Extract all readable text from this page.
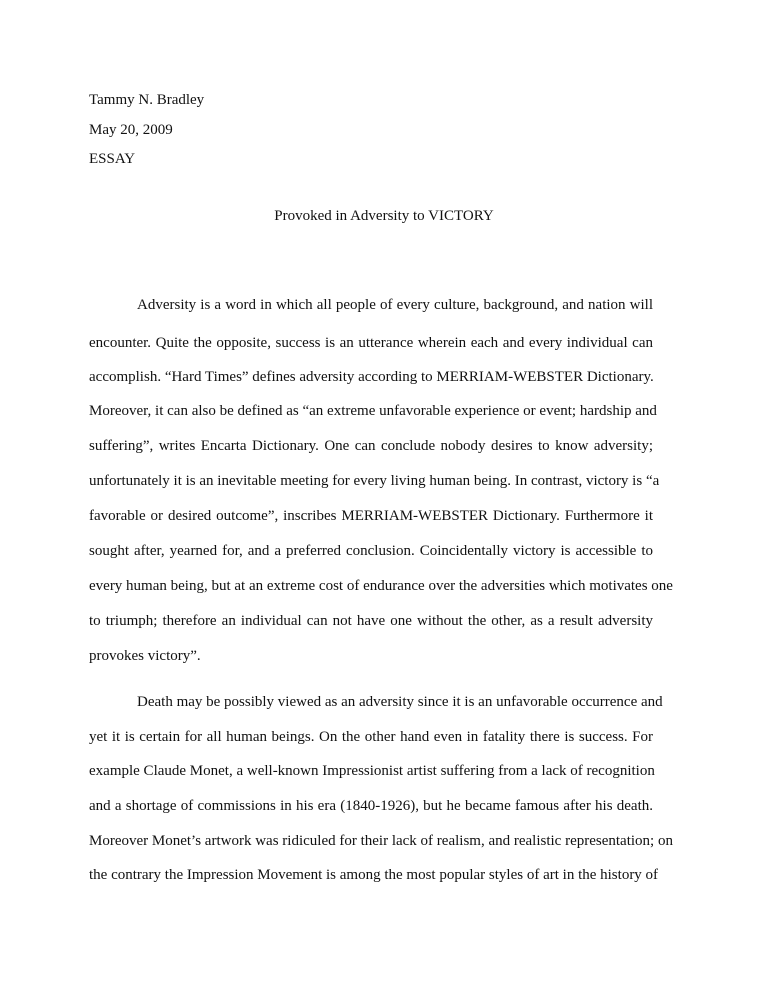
Tammy N. Bradley
May 20, 2009
ESSAY
Provoked in Adversity to VICTORY
Adversity is a word in which all people of every culture, background, and nation will
encounter. Quite the opposite, success is an utterance wherein each and every individual can
accomplish. “Hard Times” defines adversity according to MERRIAM-WEBSTER Dictionary.
Moreover, it can also be defined as “an extreme unfavorable experience or event; hardship and
suffering”, writes Encarta Dictionary. One can conclude nobody desires to know adversity;
unfortunately it is an inevitable meeting for every living human being. In contrast, victory is “a
favorable or desired outcome”, inscribes MERRIAM-WEBSTER Dictionary. Furthermore it
sought after, yearned for, and a preferred conclusion. Coincidentally victory is accessible to
every human being, but at an extreme cost of endurance over the adversities which motivates one
to triumph; therefore an individual can not have one without the other, as a result adversity
provokes victory”.
Death may be possibly viewed as an adversity since it is an unfavorable occurrence and
yet it is certain for all human beings. On the other hand even in fatality there is success. For
example Claude Monet, a well-known Impressionist artist suffering from a lack of recognition
and a shortage of commissions in his era (1840-1926), but he became famous after his death.
Moreover Monet’s artwork was ridiculed for their lack of realism, and realistic representation; on
the contrary the Impression Movement is among the most popular styles of art in the history of
